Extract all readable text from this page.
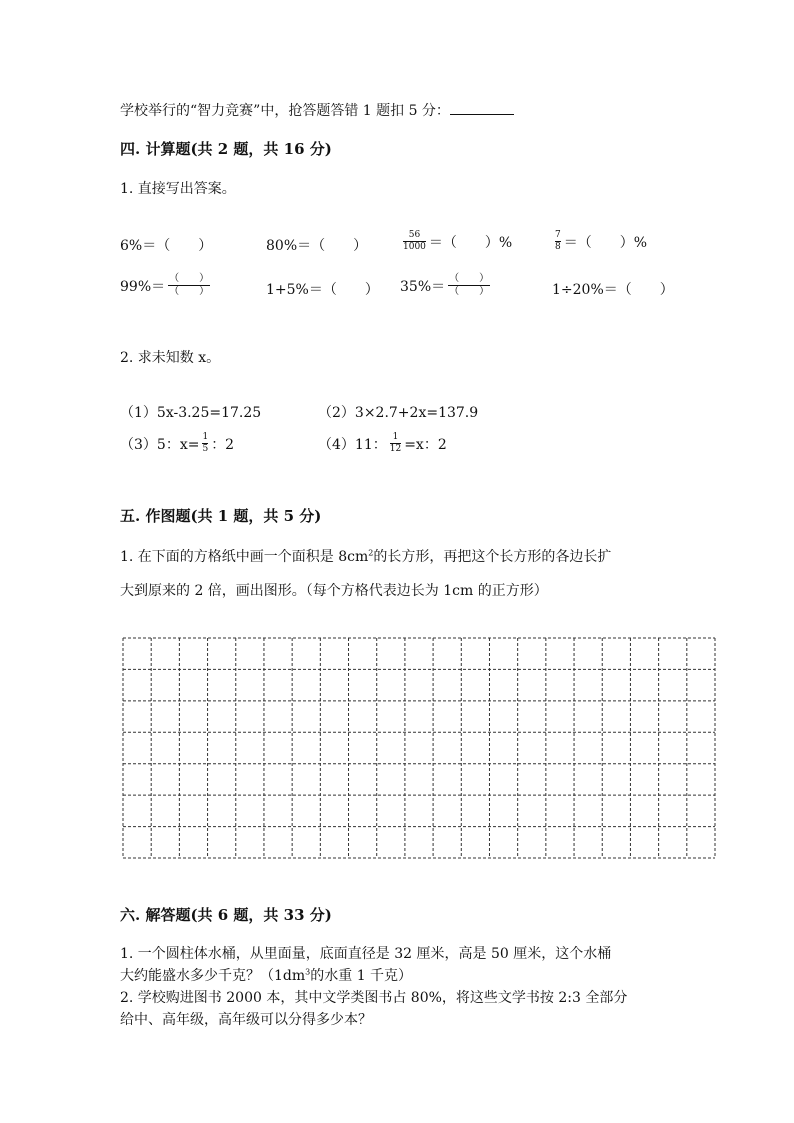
学校举行的“智力竞赛”中，抢答题答错 1 题扣 5 分：
四. 计算题(共 2 题，共 16 分)
1. 直接写出答案。
6%＝（　　）	80%＝（　　）	$\frac{56}{1000}$ ＝（　　）%	$\frac{7}{8}$ ＝（　　）%
$99\%= \frac{( )}{( )}$	1+5%＝（　　） $35\%= \frac{( )}{( )}$	1÷20%＝（　　）
2. 求未知数 x。
（1）5x-3.25=17.25	（2）3×2.7+2x=137.9
（3）5：$x= \frac{1}{5}$ ：2	（4）11： $\frac{1}{12} =x$：2
五. 作图题(共 1 题，共 5 分)
1. 在下面的方格纸中画一个面积是 $8cm^2$的长方形，再把这个长方形的各边长扩
大到原来的 2 倍，画出图形。（每个方格代表边长为 1cm 的正方形）
六. 解答题(共 6 题，共 33 分)
1. 一个圆柱体水桶，从里面量，底面直径是 32 厘米，高是 50 厘米，这个水桶
大约能盛水多少千克？（$1dm^3$的水重 1 千克）
2. 学校购进图书 2000 本，其中文学类图书占 80%，将这些文学书按 2:3 全部分
给中、高年级，高年级可以分得多少本？
